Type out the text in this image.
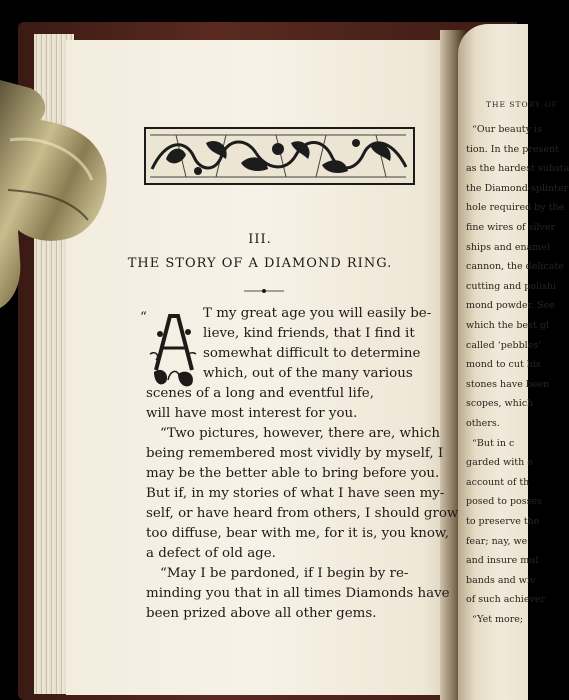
III.
THE STORY OF A DIAMOND RING.
“	T my great age you will easily be-
lieve, kind friends, that I find it
somewhat difficult to determine
which, out of the many various
scenes of a long and eventful life,
will have most interest for you.
“Two pictures, however, there are, which
being remembered most vividly by myself, I
may be the better able to bring before you.
But if, in my stories of what I have seen my-
self, or have heard from others, I should grow
too diffuse, bear with me, for it is, you know,
a defect of old age.
“May I be pardoned, if I begin by re-
minding you that in all times Diamonds have
been prized above all other gems.
THE STORY OF
“Our beauty is
tion. In the present
as the hardest substa
the Diamond-splinter
hole required by the
fine wires of silver
ships and enamel
cannon, the delicate
cutting and polishi
mond powder. See
which the best gl
called ‘pebbles’
mond to cut his
stones have been
scopes, which
others.
“But in c
garded with e
account of th
posed to posses
to preserve the
fear; nay, we
and insure mul
bands and wiv
of such achiever
“Yet more;
